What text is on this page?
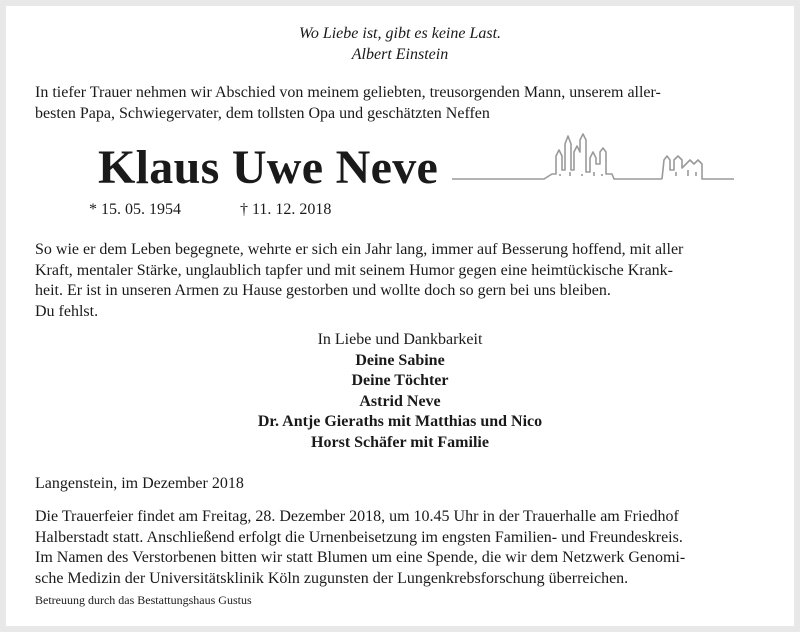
Wo Liebe ist, gibt es keine Last.
Albert Einstein
In tiefer Trauer nehmen wir Abschied von meinem geliebten, treusorgenden Mann, unserem aller-
besten Papa, Schwiegervater, dem tollsten Opa und geschätzten Neffen
Klaus Uwe Neve
* 15. 05. 1954	† 11. 12. 2018
So wie er dem Leben begegnete, wehrte er sich ein Jahr lang, immer auf Besserung hoffend, mit aller
Kraft, mentaler Stärke, unglaublich tapfer und mit seinem Humor gegen eine heimtückische Krank-
heit. Er ist in unseren Armen zu Hause gestorben und wollte doch so gern bei uns bleiben.
Du fehlst.
In Liebe und Dankbarkeit
Deine Sabine
Deine Töchter
Astrid Neve
Dr. Antje Gieraths mit Matthias und Nico
Horst Schäfer mit Familie
Langenstein, im Dezember 2018
Die Trauerfeier findet am Freitag, 28. Dezember 2018, um 10.45 Uhr in der Trauerhalle am Friedhof
Halberstadt statt. Anschließend erfolgt die Urnenbeisetzung im engsten Familien- und Freundeskreis.
Im Namen des Verstorbenen bitten wir statt Blumen um eine Spende, die wir dem Netzwerk Genomi-
sche Medizin der Universitätsklinik Köln zugunsten der Lungenkrebsforschung überreichen.
Betreuung durch das Bestattungshaus Gustus
